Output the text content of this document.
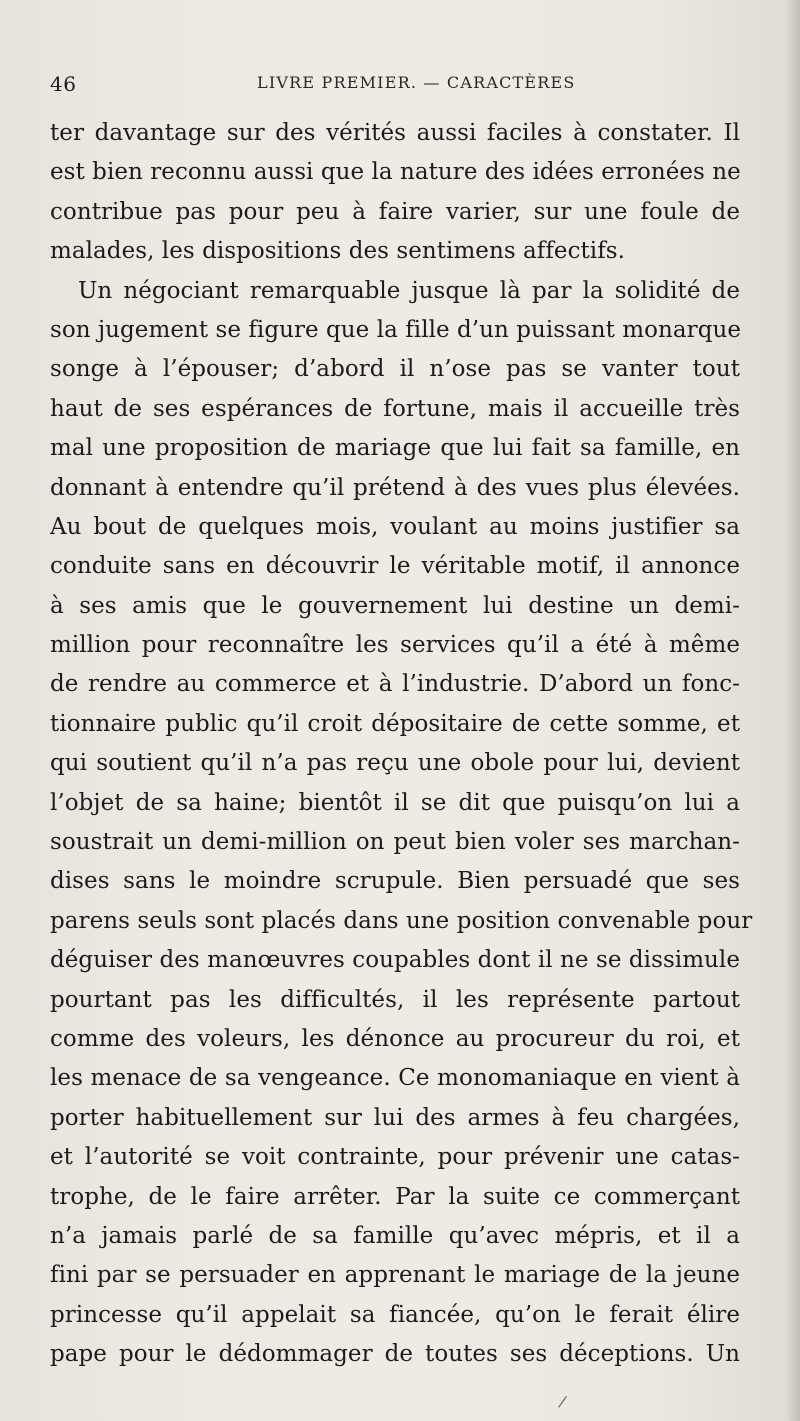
46	LIVRE PREMIER. — CARACTÈRES
ter davantage sur des vérités aussi faciles à constater. Il
est bien reconnu aussi que la nature des idées erronées ne
contribue pas pour peu à faire varier, sur une foule de
malades, les dispositions des sentimens affectifs.
Un négociant remarquable jusque là par la solidité de
son jugement se figure que la fille d’un puissant monarque
songe à l’épouser; d’abord il n’ose pas se vanter tout
haut de ses espérances de fortune, mais il accueille très
mal une proposition de mariage que lui fait sa famille, en
donnant à entendre qu’il prétend à des vues plus élevées.
Au bout de quelques mois, voulant au moins justifier sa
conduite sans en découvrir le véritable motif, il annonce
à ses amis que le gouvernement lui destine un demi-
million pour reconnaître les services qu’il a été à même
de rendre au commerce et à l’industrie. D’abord un fonc-
tionnaire public qu’il croit dépositaire de cette somme, et
qui soutient qu’il n’a pas reçu une obole pour lui, devient
l’objet de sa haine; bientôt il se dit que puisqu’on lui a
soustrait un demi-million on peut bien voler ses marchan-
dises sans le moindre scrupule. Bien persuadé que ses
parens seuls sont placés dans une position convenable pour
déguiser des manœuvres coupables dont il ne se dissimule
pourtant pas les difficultés, il les représente partout
comme des voleurs, les dénonce au procureur du roi, et
les menace de sa vengeance. Ce monomaniaque en vient à
porter habituellement sur lui des armes à feu chargées,
et l’autorité se voit contrainte, pour prévenir une catas-
trophe, de le faire arrêter. Par la suite ce commerçant
n’a jamais parlé de sa famille qu’avec mépris, et il a
fini par se persuader en apprenant le mariage de la jeune
princesse qu’il appelait sa fiancée, qu’on le ferait élire
pape pour le dédommager de toutes ses déceptions. Un
/
